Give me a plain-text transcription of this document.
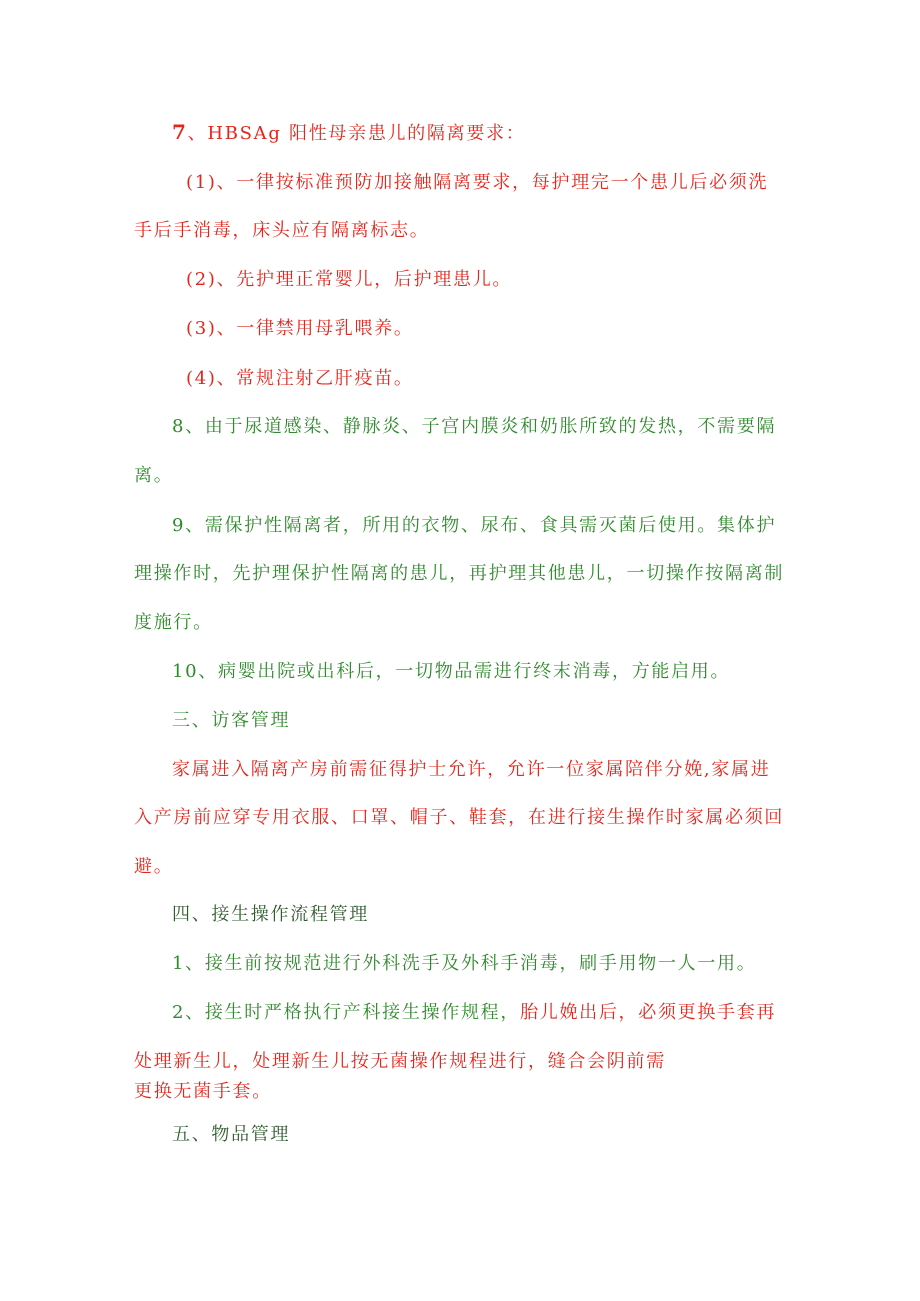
7、HBSAg 阳性母亲患儿的隔离要求：
(1)、一律按标准预防加接触隔离要求，每护理完一个患儿后必须洗
手后手消毒，床头应有隔离标志。
(2)、先护理正常婴儿，后护理患儿。
(3)、一律禁用母乳喂养。
(4)、常规注射乙肝疫苗。
8、由于尿道感染、静脉炎、子宫内膜炎和奶胀所致的发热，不需要隔
离。
9、需保护性隔离者，所用的衣物、尿布、食具需灭菌后使用。集体护
理操作时，先护理保护性隔离的患儿，再护理其他患儿，一切操作按隔离制
度施行。
10、病婴出院或出科后，一切物品需进行终末消毒，方能启用。
三、访客管理
家属进入隔离产房前需征得护士允许，允许一位家属陪伴分娩,家属进
入产房前应穿专用衣服、口罩、帽子、鞋套，在进行接生操作时家属必须回
避。
四、接生操作流程管理
1、接生前按规范进行外科洗手及外科手消毒，刷手用物一人一用。
2、接生时严格执行产科接生操作规程，胎儿娩出后，必须更换手套再
处理新生儿，处理新生儿按无菌操作规程进行，缝合会阴前需
更换无菌手套。
五、物品管理
